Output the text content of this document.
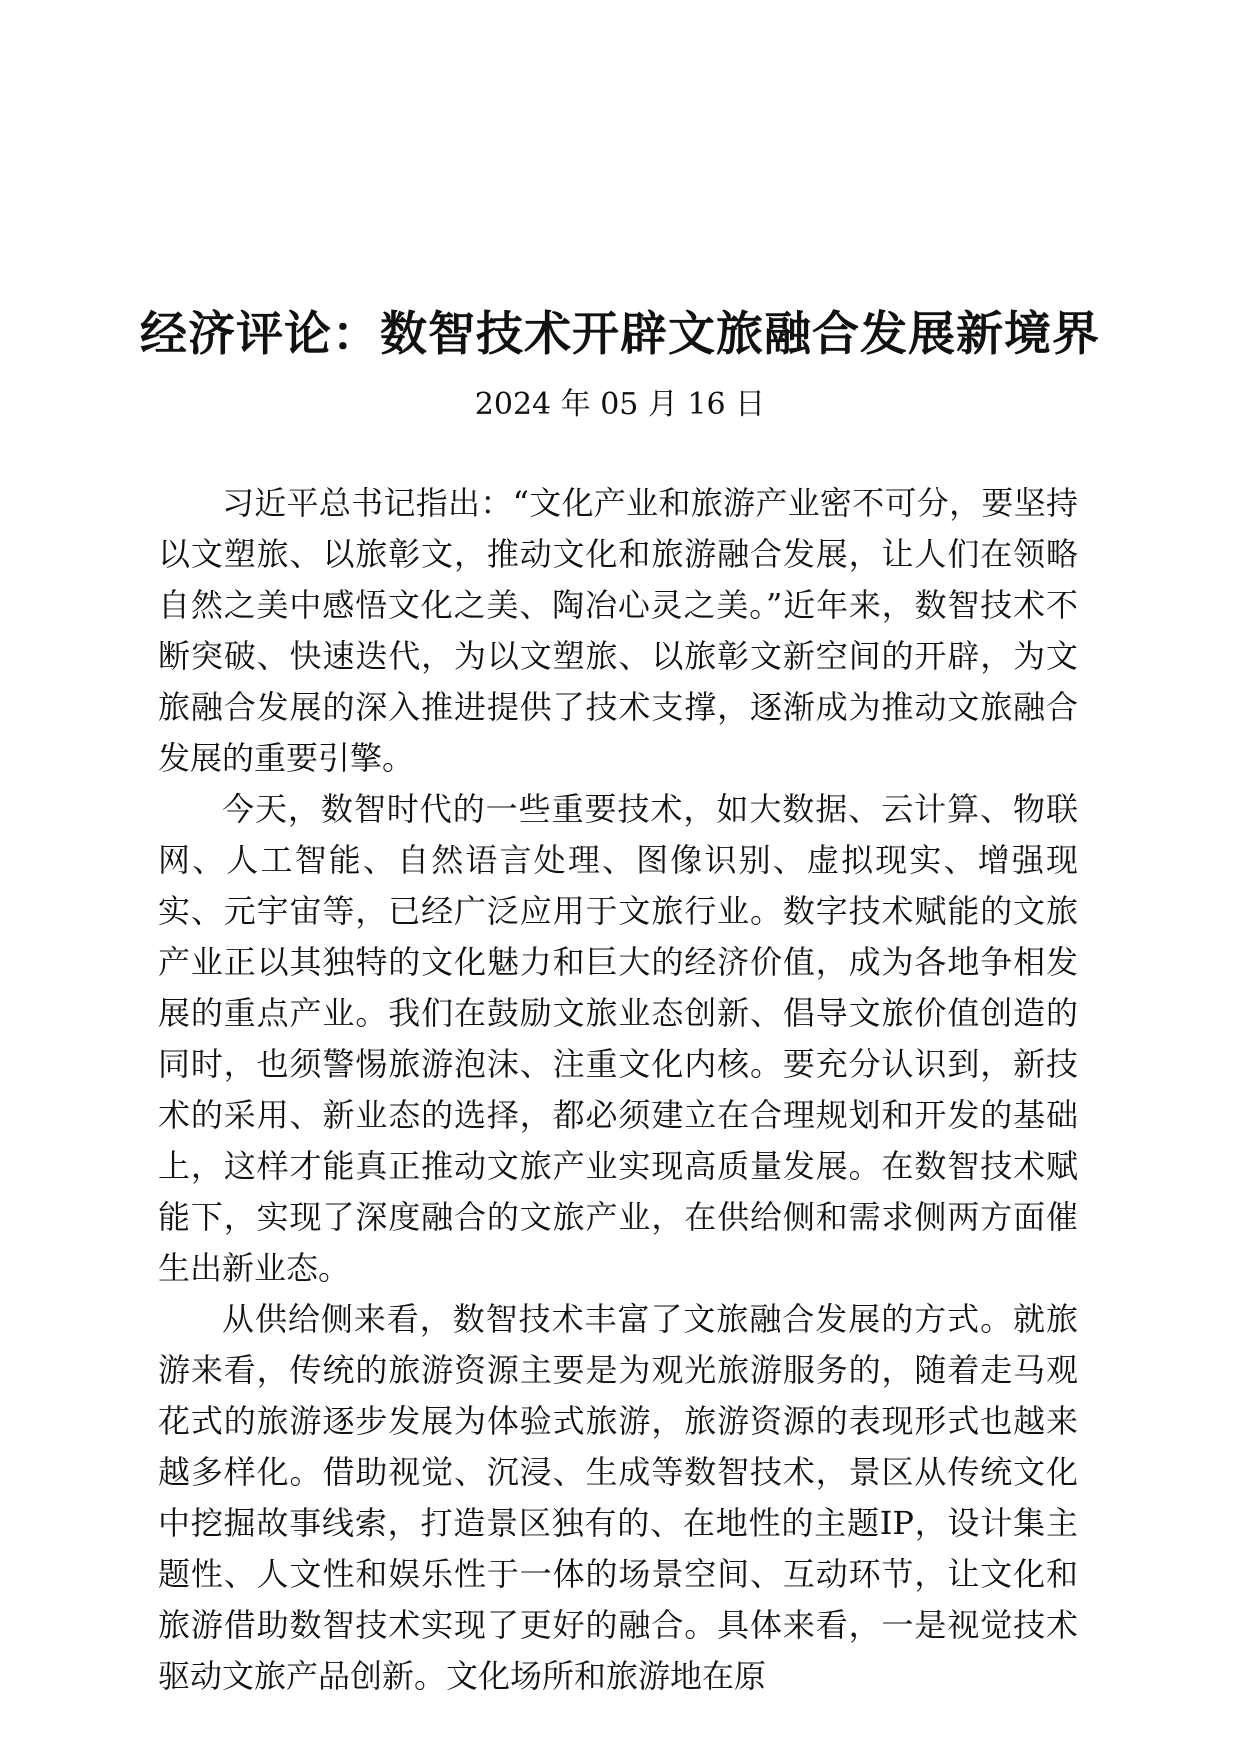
经济评论：数智技术开辟文旅融合发展新境界
2024 年 05 月 16 日

习近平总书记指出：“文化产业和旅游产业密不可分，要坚持以文塑旅、以旅彰文，推动文化和旅游融合发展，让人们在领略自然之美中感悟文化之美、陶冶心灵之美。”近年来，数智技术不断突破、快速迭代，为以文塑旅、以旅彰文新空间的开辟，为文旅融合发展的深入推进提供了技术支撑，逐渐成为推动文旅融合发展的重要引擎。

今天，数智时代的一些重要技术，如大数据、云计算、物联网、人工智能、自然语言处理、图像识别、虚拟现实、增强现实、元宇宙等，已经广泛应用于文旅行业。数字技术赋能的文旅产业正以其独特的文化魅力和巨大的经济价值，成为各地争相发展的重点产业。我们在鼓励文旅业态创新、倡导文旅价值创造的同时，也须警惕旅游泡沫、注重文化内核。要充分认识到，新技术的采用、新业态的选择，都必须建立在合理规划和开发的基础上，这样才能真正推动文旅产业实现高质量发展。在数智技术赋能下，实现了深度融合的文旅产业，在供给侧和需求侧两方面催生出新业态。

从供给侧来看，数智技术丰富了文旅融合发展的方式。就旅游来看，传统的旅游资源主要是为观光旅游服务的，随着走马观花式的旅游逐步发展为体验式旅游，旅游资源的表现形式也越来越多样化。借助视觉、沉浸、生成等数智技术，景区从传统文化中挖掘故事线索，打造景区独有的、在地性的主题IP，设计集主题性、人文性和娱乐性于一体的场景空间、互动环节，让文化和旅游借助数智技术实现了更好的融合。具体来看，一是视觉技术驱动文旅产品创新。文化场所和旅游地在原
